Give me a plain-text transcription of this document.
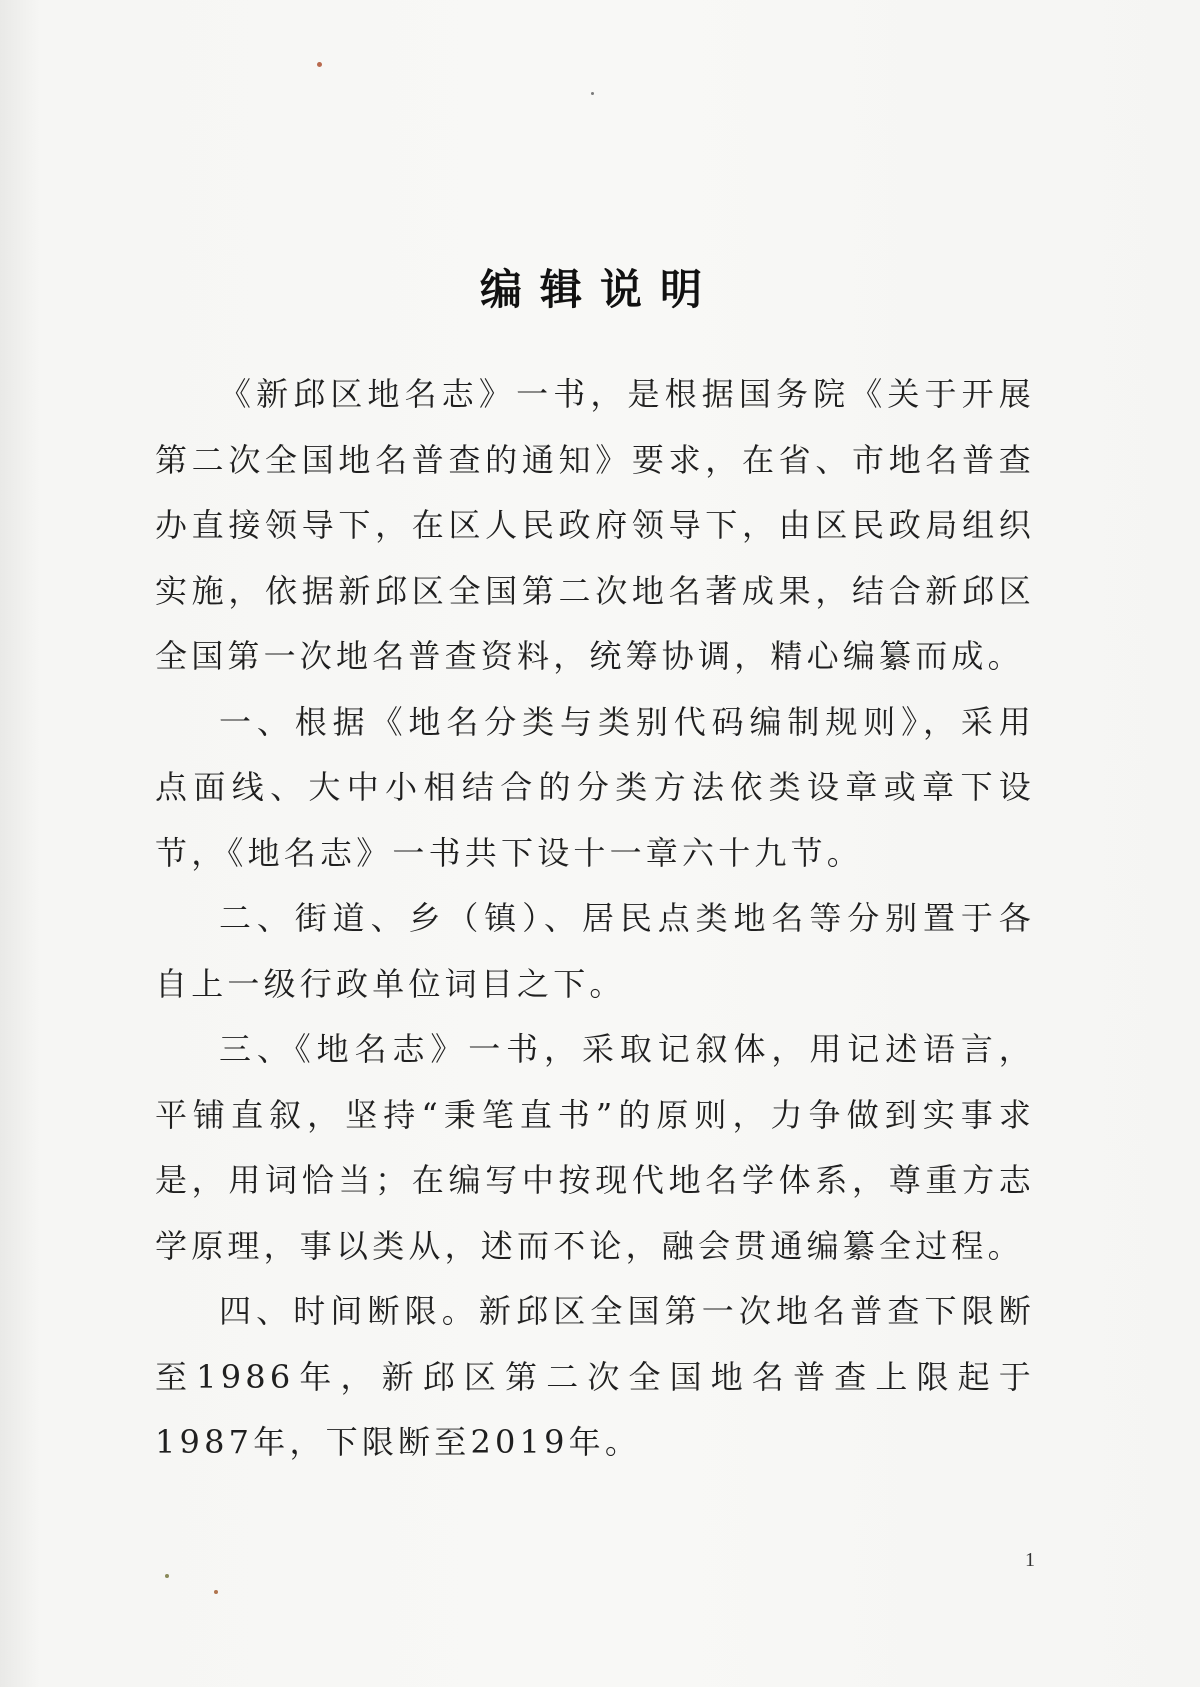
编辑说明

《新邱区地名志》一书，是根据国务院《关于开展第二次全国地名普查的通知》要求，在省、市地名普查办直接领导下，在区人民政府领导下，由区民政局组织实施，依据新邱区全国第二次地名著成果，结合新邱区全国第一次地名普查资料，统筹协调，精心编纂而成。

一、根据《地名分类与类别代码编制规则》，采用点面线、大中小相结合的分类方法依类设章或章下设节，《地名志》一书共下设十一章六十九节。

二、街道、乡（镇）、居民点类地名等分别置于各自上一级行政单位词目之下。

三、《地名志》一书，采取记叙体，用记述语言，平铺直叙，坚持“秉笔直书”的原则，力争做到实事求是，用词恰当；在编写中按现代地名学体系，尊重方志学原理，事以类从，述而不论，融会贯通编纂全过程。

四、时间断限。新邱区全国第一次地名普查下限断至1986年，新邱区第二次全国地名普查上限起于1987年，下限断至2019年。

1
